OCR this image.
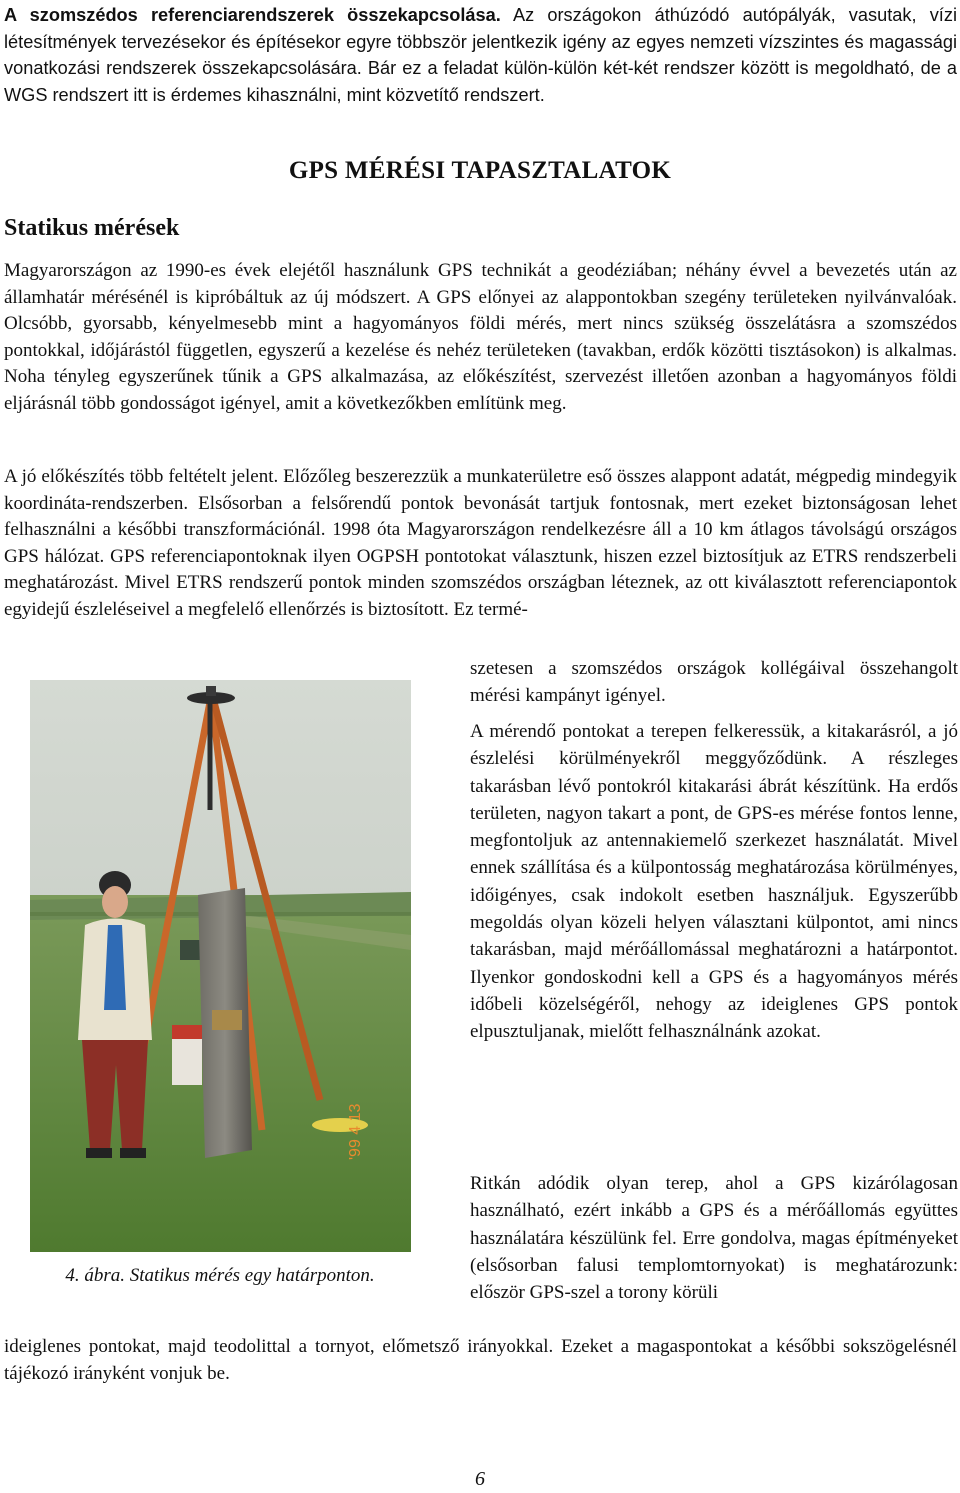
A szomszédos referenciarendszerek összekapcsolása. Az országokon áthúzódó autópályák, vasutak, vízi létesítmények tervezésekor és építésekor egyre többször jelentkezik igény az egyes nemzeti vízszintes és magassági vonatkozási rendszerek összekapcsolására. Bár ez a feladat külön-külön két-két rendszer között is megoldható, de a WGS rendszert itt is érdemes kihasználni, mint közvetítő rendszert.

GPS MÉRÉSI TAPASZTALATOK
Statikus mérések

Magyarországon az 1990-es évek elejétől használunk GPS technikát a geodéziában; néhány évvel a bevezetés után az államhatár mérésénél is kipróbáltuk az új módszert. A GPS előnyei az alappontokban szegény területeken nyilvánvalóak. Olcsóbb, gyorsabb, kényelmesebb mint a hagyományos földi mérés, mert nincs szükség összelátásra a szomszédos pontokkal, időjárástól független, egyszerű a kezelése és nehéz területeken (tavakban, erdők közötti tisztásokon) is alkalmas. Noha tényleg egyszerűnek tűnik a GPS alkalmazása, az előkészítést, szervezést illetően azonban a hagyományos földi eljárásnál több gondosságot igényel, amit a következőkben említünk meg.

A jó előkészítés több feltételt jelent. Előzőleg beszerezzük a munkaterületre eső összes alappont adatát, mégpedig mindegyik koordináta-rendszerben. Elsősorban a felsőrendű pontok bevonását tartjuk fontosnak, mert ezeket biztonságosan lehet felhasználni a későbbi transzformációnál. 1998 óta Magyarországon rendelkezésre áll a 10 km átlagos távolságú országos GPS hálózat. GPS referenciapontoknak ilyen OGPSH pontotokat választunk, hiszen ezzel biztosítjuk az ETRS rendszerbeli meghatározást. Mivel ETRS rendszerű pontok minden szomszédos országban léteznek, az ott kiválasztott referenciapontok egyidejű észleléseivel a megfelelő ellenőrzés is biztosított. Ez termé-

szetesen a szomszédos országok kollégáival összehangolt mérési kampányt igényel.

A mérendő pontokat a terepen felkeressük, a kitakarásról, a jó észlelési körülményekről meggyőződünk. A részleges takarásban lévő pontokról kitakarási ábrát készítünk. Ha erdős területen, nagyon takart a pont, de GPS-es mérése fontos lenne, megfontoljuk az antennakiemelő szerkezet használatát. Mivel ennek szállítása és a külpontosság meghatározása körülményes, időigényes, csak indokolt esetben használjuk. Egyszerűbb megoldás olyan közeli helyen választani külpontot, ami nincs takarásban, majd mérőállomással meghatározni a határpontot. Ilyenkor gondoskodni kell a GPS és a hagyományos mérés időbeli közelségéről, nehogy az ideiglenes GPS pontok elpusztuljanak, mielőtt felhasználnánk azokat.

Ritkán adódik olyan terep, ahol a GPS kizárólagosan használható, ezért inkább a GPS és a mérőállomás együttes használatára készülünk fel. Erre gondolva, magas építményeket (elsősorban falusi templomtornyokat) is meghatározunk: először GPS-szel a torony körüli

ideiglenes pontokat, majd teodolittal a tornyot, előmetsző irányokkal. Ezeket a magaspontokat a későbbi sokszögelésnél tájékozó irányként vonjuk be.

'99 4 13
4. ábra. Statikus mérés egy határponton.
6
